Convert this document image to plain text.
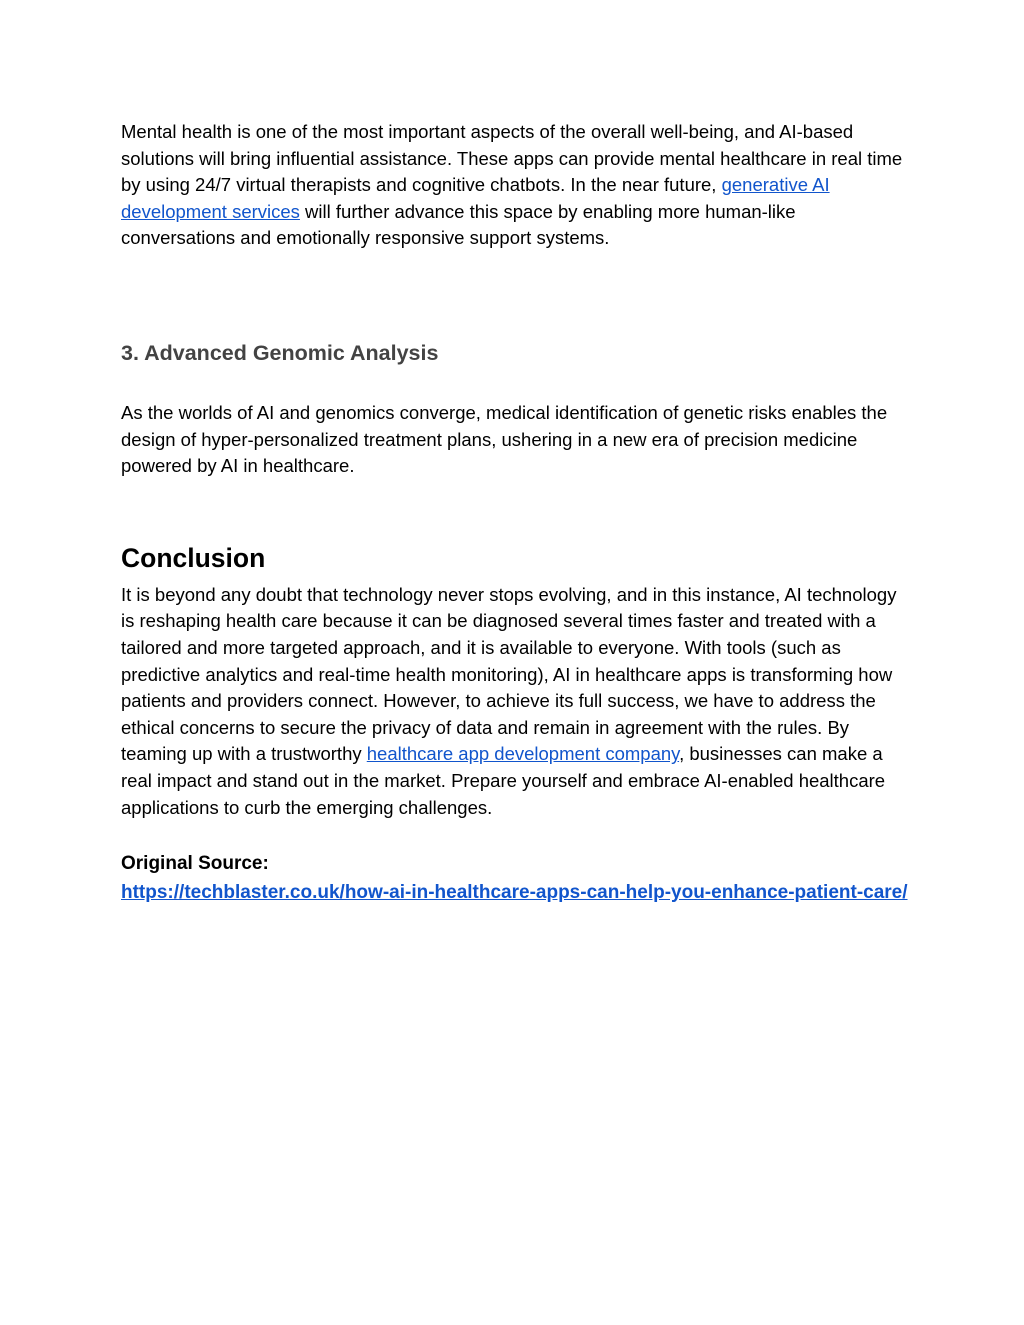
Mental health is one of the most important aspects of the overall well-being, and AI-based solutions will bring influential assistance. These apps can provide mental healthcare in real time by using 24/7 virtual therapists and cognitive chatbots. In the near future, generative AI development services will further advance this space by enabling more human-like conversations and emotionally responsive support systems.

3. Advanced Genomic Analysis

As the worlds of AI and genomics converge, medical identification of genetic risks enables the design of hyper-personalized treatment plans, ushering in a new era of precision medicine powered by AI in healthcare.

Conclusion

It is beyond any doubt that technology never stops evolving, and in this instance, AI technology is reshaping health care because it can be diagnosed several times faster and treated with a tailored and more targeted approach, and it is available to everyone. With tools (such as predictive analytics and real-time health monitoring), AI in healthcare apps is transforming how patients and providers connect. However, to achieve its full success, we have to address the ethical concerns to secure the privacy of data and remain in agreement with the rules. By teaming up with a trustworthy healthcare app development company, businesses can make a real impact and stand out in the market. Prepare yourself and embrace AI-enabled healthcare applications to curb the emerging challenges.

Original Source:

https://techblaster.co.uk/how-ai-in-healthcare-apps-can-help-you-enhance-patient-care/
